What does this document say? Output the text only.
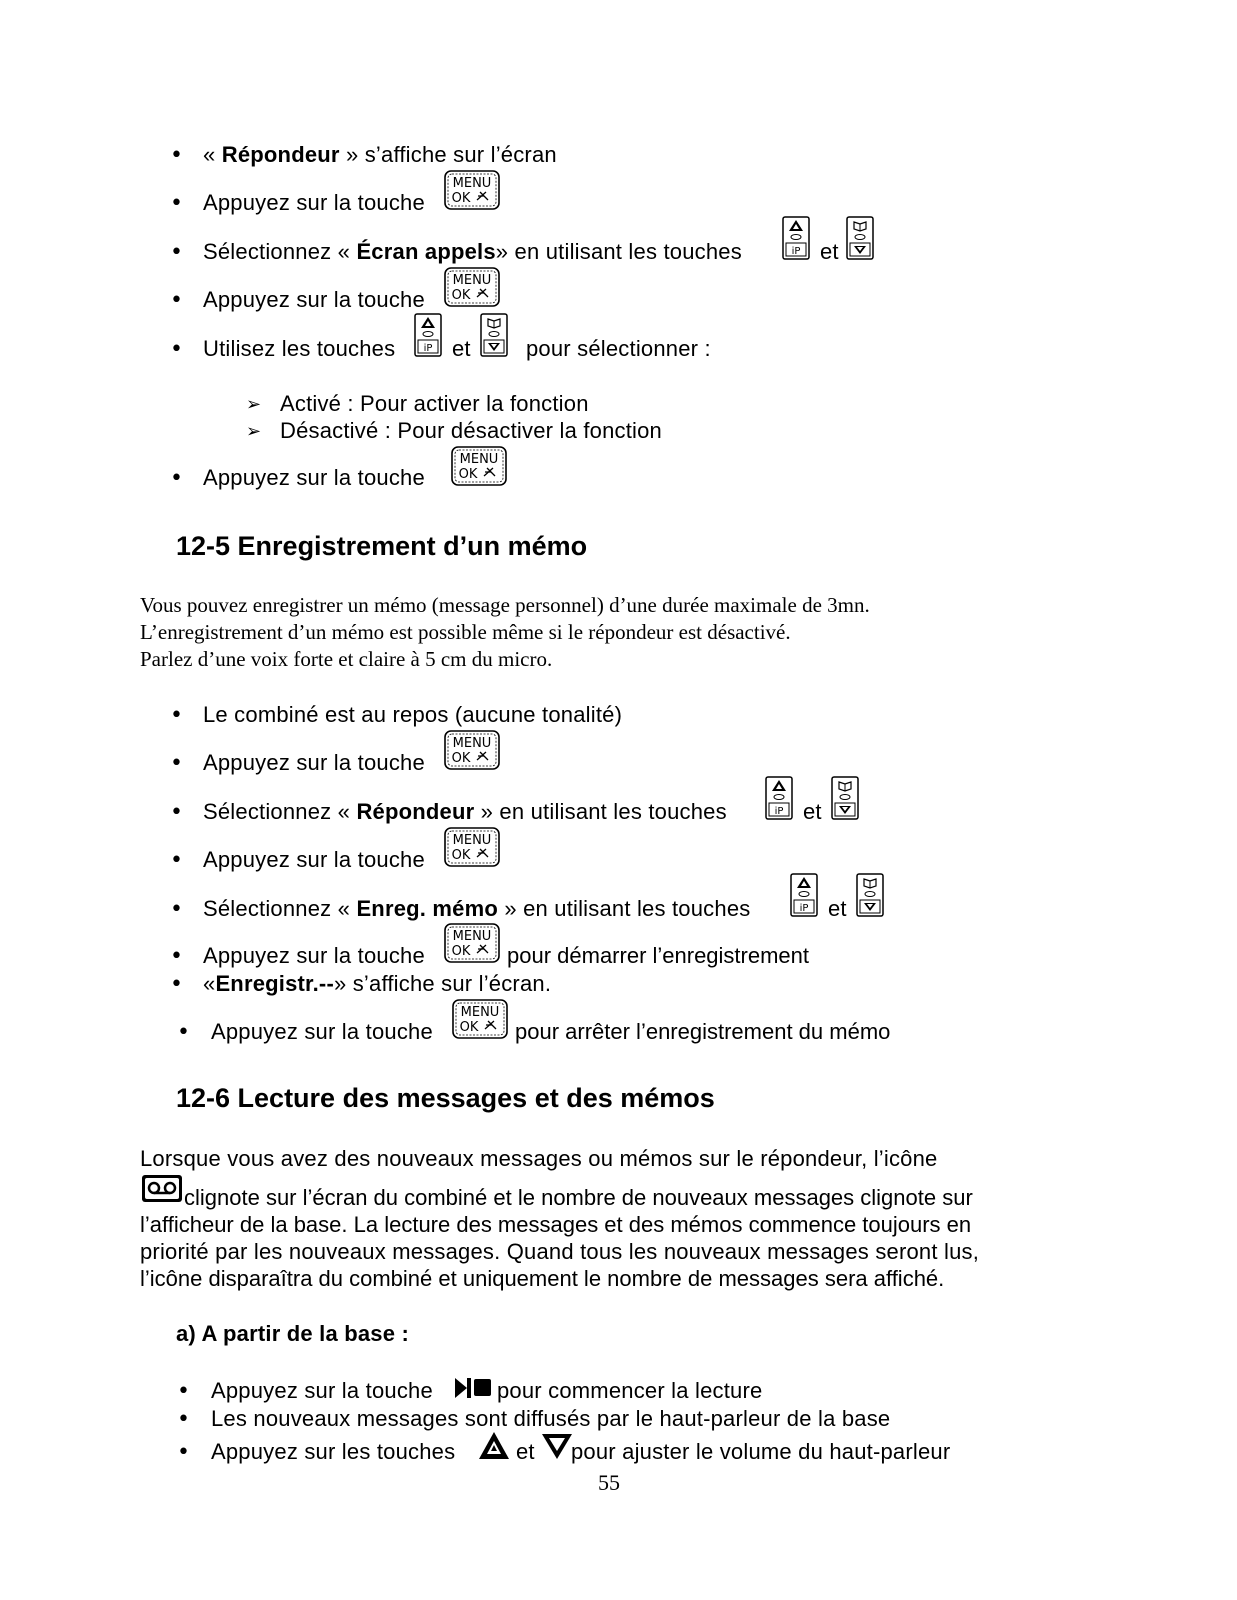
• « Répondeur » s’affiche sur l’écran
• Appuyez sur la touche
• Sélectionnez « Écran appels» en utilisant les touches	et
• Appuyez sur la touche
• Utilisez les touches	et	pour sélectionner :
➢ Activé : Pour activer la fonction
➢ Désactivé : Pour désactiver la fonction
• Appuyez sur la touche
12-5 Enregistrement d’un mémo
Vous pouvez enregistrer un mémo (message personnel) d’une durée maximale de 3mn.
L’enregistrement d’un mémo est possible même si le répondeur est désactivé.
Parlez d’une voix forte et claire à 5 cm du micro.
• Le combiné est au repos (aucune tonalité)
• Appuyez sur la touche
• Sélectionnez « Répondeur » en utilisant les touches	et
• Appuyez sur la touche
• Sélectionnez « Enreg. mémo » en utilisant les touches	et
• Appuyez sur la touche	pour démarrer l’enregistrement
• «Enregistr.--» s’affiche sur l’écran.
• Appuyez sur la touche	pour arrêter l’enregistrement du mémo
12-6 Lecture des messages et des mémos
Lorsque vous avez des nouveaux messages ou mémos sur le répondeur, l’icône
clignote sur l’écran du combiné et le nombre de nouveaux messages clignote sur
l’afficheur de la base. La lecture des messages et des mémos commence toujours en
priorité par les nouveaux messages. Quand tous les nouveaux messages seront lus,
l’icône disparaîtra du combiné et uniquement le nombre de messages sera affiché.
a) A partir de la base :
• Appuyez sur la touche	pour commencer la lecture
• Les nouveaux messages sont diffusés par le haut-parleur de la base
• Appuyez sur les touches	et pour ajuster le volume du haut-parleur
55
